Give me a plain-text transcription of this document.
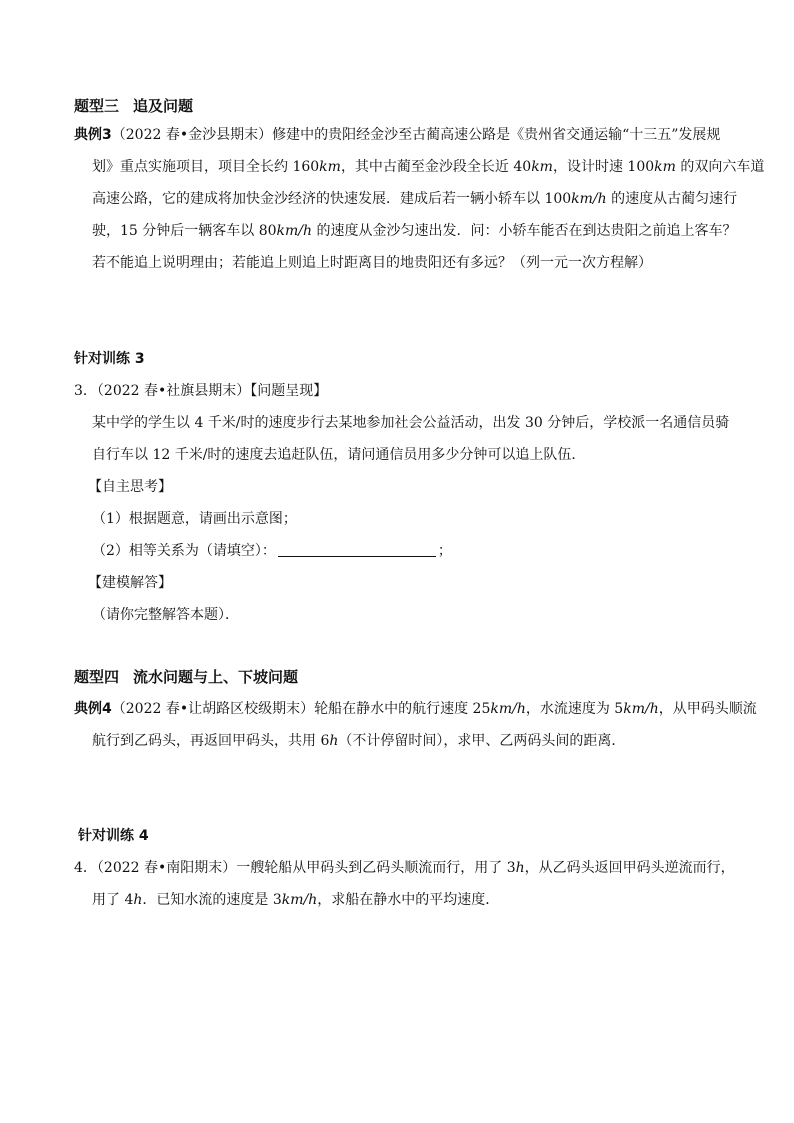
题型三 追及问题
典例3（2022 春•金沙县期末）修建中的贵阳经金沙至古蔺高速公路是《贵州省交通运输“十三五”发展规
划》重点实施项目，项目全长约 160km，其中古蔺至金沙段全长近 40km，设计时速 100km 的双向六车道
高速公路，它的建成将加快金沙经济的快速发展．建成后若一辆小轿车以 100km/h 的速度从古蔺匀速行
驶，15 分钟后一辆客车以 80km/h 的速度从金沙匀速出发．问：小轿车能否在到达贵阳之前追上客车？
若不能追上说明理由；若能追上则追上时距离目的地贵阳还有多远？（列一元一次方程解）
针对训练 3
3．（2022 春•社旗县期末）【问题呈现】
某中学的学生以 4 千米/时的速度步行去某地参加社会公益活动，出发 30 分钟后，学校派一名通信员骑
自行车以 12 千米/时的速度去追赶队伍，请问通信员用多少分钟可以追上队伍．
【自主思考】
（1）根据题意，请画出示意图；
（2）相等关系为（请填空）：	；
【建模解答】
（请你完整解答本题）．
题型四 流水问题与上、下坡问题
典例4（2022 春•让胡路区校级期末）轮船在静水中的航行速度 25km/h，水流速度为 5km/h，从甲码头顺流
航行到乙码头，再返回甲码头，共用 6h（不计停留时间），求甲、乙两码头间的距离．
针对训练 4
4．（2022 春•南阳期末）一艘轮船从甲码头到乙码头顺流而行，用了 3h，从乙码头返回甲码头逆流而行，
用了 4h．已知水流的速度是 3km/h，求船在静水中的平均速度．
